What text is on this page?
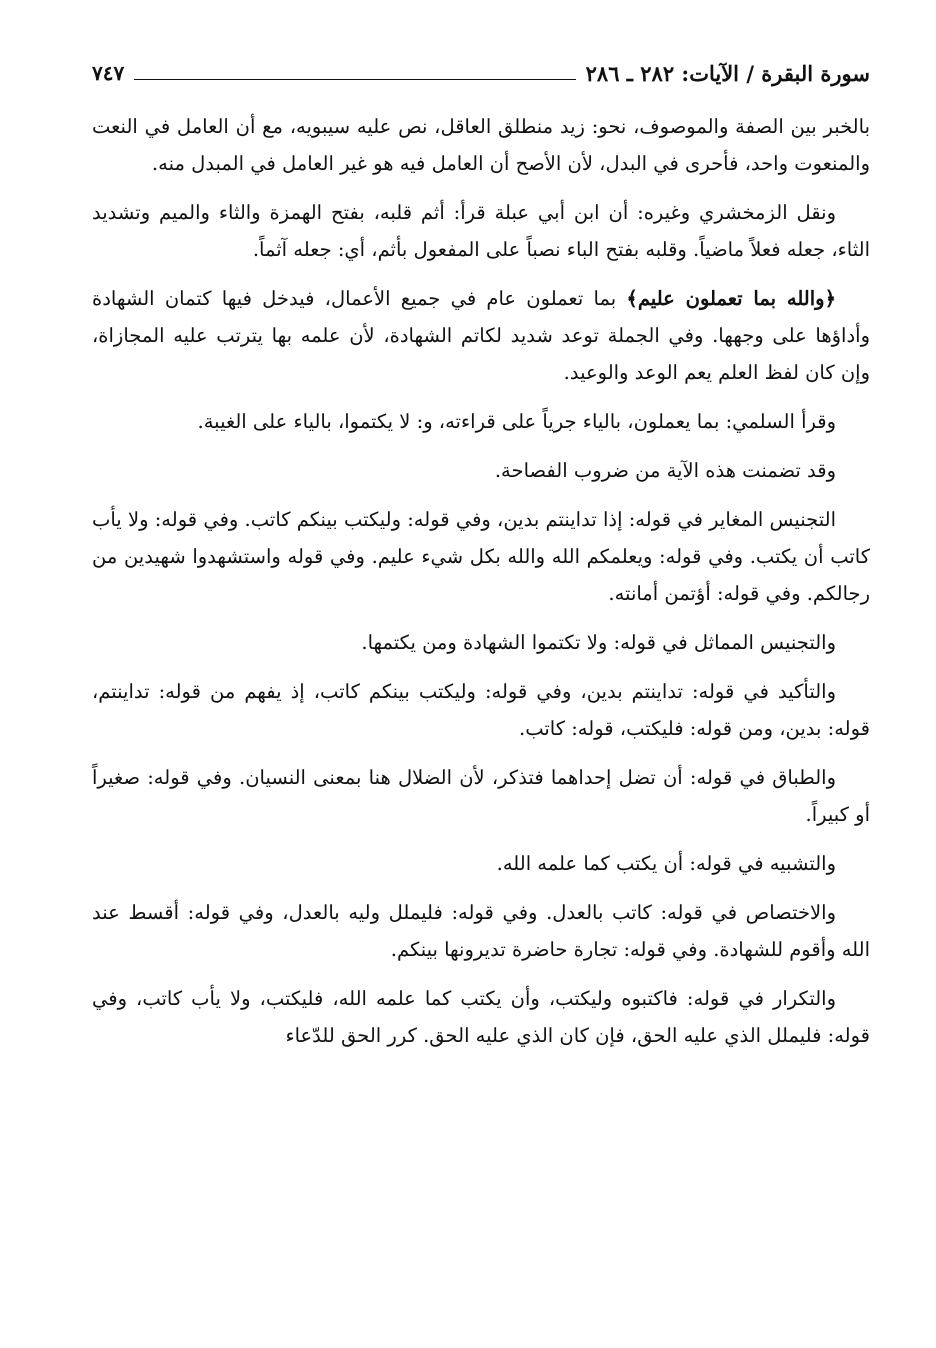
سورة البقرة / الآيات: ٢٨٢ ـ ٢٨٦
٧٤٧

بالخبر بين الصفة والموصوف، نحو: زيد منطلق العاقل، نص عليه سيبويه، مع أن العامل في النعت والمنعوت واحد، فأحرى في البدل، لأن الأصح أن العامل فيه هو غير العامل في المبدل منه.

ونقل الزمخشري وغيره: أن ابن أبي عبلة قرأ: أثم قلبه، بفتح الهمزة والثاء والميم وتشديد الثاء، جعله فعلاً ماضياً. وقلبه بفتح الباء نصباً على المفعول بأثم، أي: جعله آثماً.

﴿والله بما تعملون عليم﴾ بما تعملون عام في جميع الأعمال، فيدخل فيها كتمان الشهادة وأداؤها على وجهها. وفي الجملة توعد شديد لكاتم الشهادة، لأن علمه بها يترتب عليه المجازاة، وإن كان لفظ العلم يعم الوعد والوعيد.

وقرأ السلمي: بما يعملون، بالياء جرياً على قراءته، و: لا يكتموا، بالياء على الغيبة.

وقد تضمنت هذه الآية من ضروب الفصاحة.

التجنيس المغاير في قوله: إذا تداينتم بدين، وفي قوله: وليكتب بينكم كاتب. وفي قوله: ولا يأب كاتب أن يكتب. وفي قوله: ويعلمكم الله والله بكل شيء عليم. وفي قوله واستشهدوا شهيدين من رجالكم. وفي قوله: أؤتمن أمانته.

والتجنيس المماثل في قوله: ولا تكتموا الشهادة ومن يكتمها.

والتأكيد في قوله: تداينتم بدين، وفي قوله: وليكتب بينكم كاتب، إذ يفهم من قوله: تداينتم، قوله: بدين، ومن قوله: فليكتب، قوله: كاتب.

والطباق في قوله: أن تضل إحداهما فتذكر، لأن الضلال هنا بمعنى النسيان. وفي قوله: صغيراً أو كبيراً.

والتشبيه في قوله: أن يكتب كما علمه الله.

والاختصاص في قوله: كاتب بالعدل. وفي قوله: فليملل وليه بالعدل، وفي قوله: أقسط عند الله وأقوم للشهادة. وفي قوله: تجارة حاضرة تديرونها بينكم.

والتكرار في قوله: فاكتبوه وليكتب، وأن يكتب كما علمه الله، فليكتب، ولا يأب كاتب، وفي قوله: فليملل الذي عليه الحق، فإن كان الذي عليه الحق. كرر الحق للدّعاء
